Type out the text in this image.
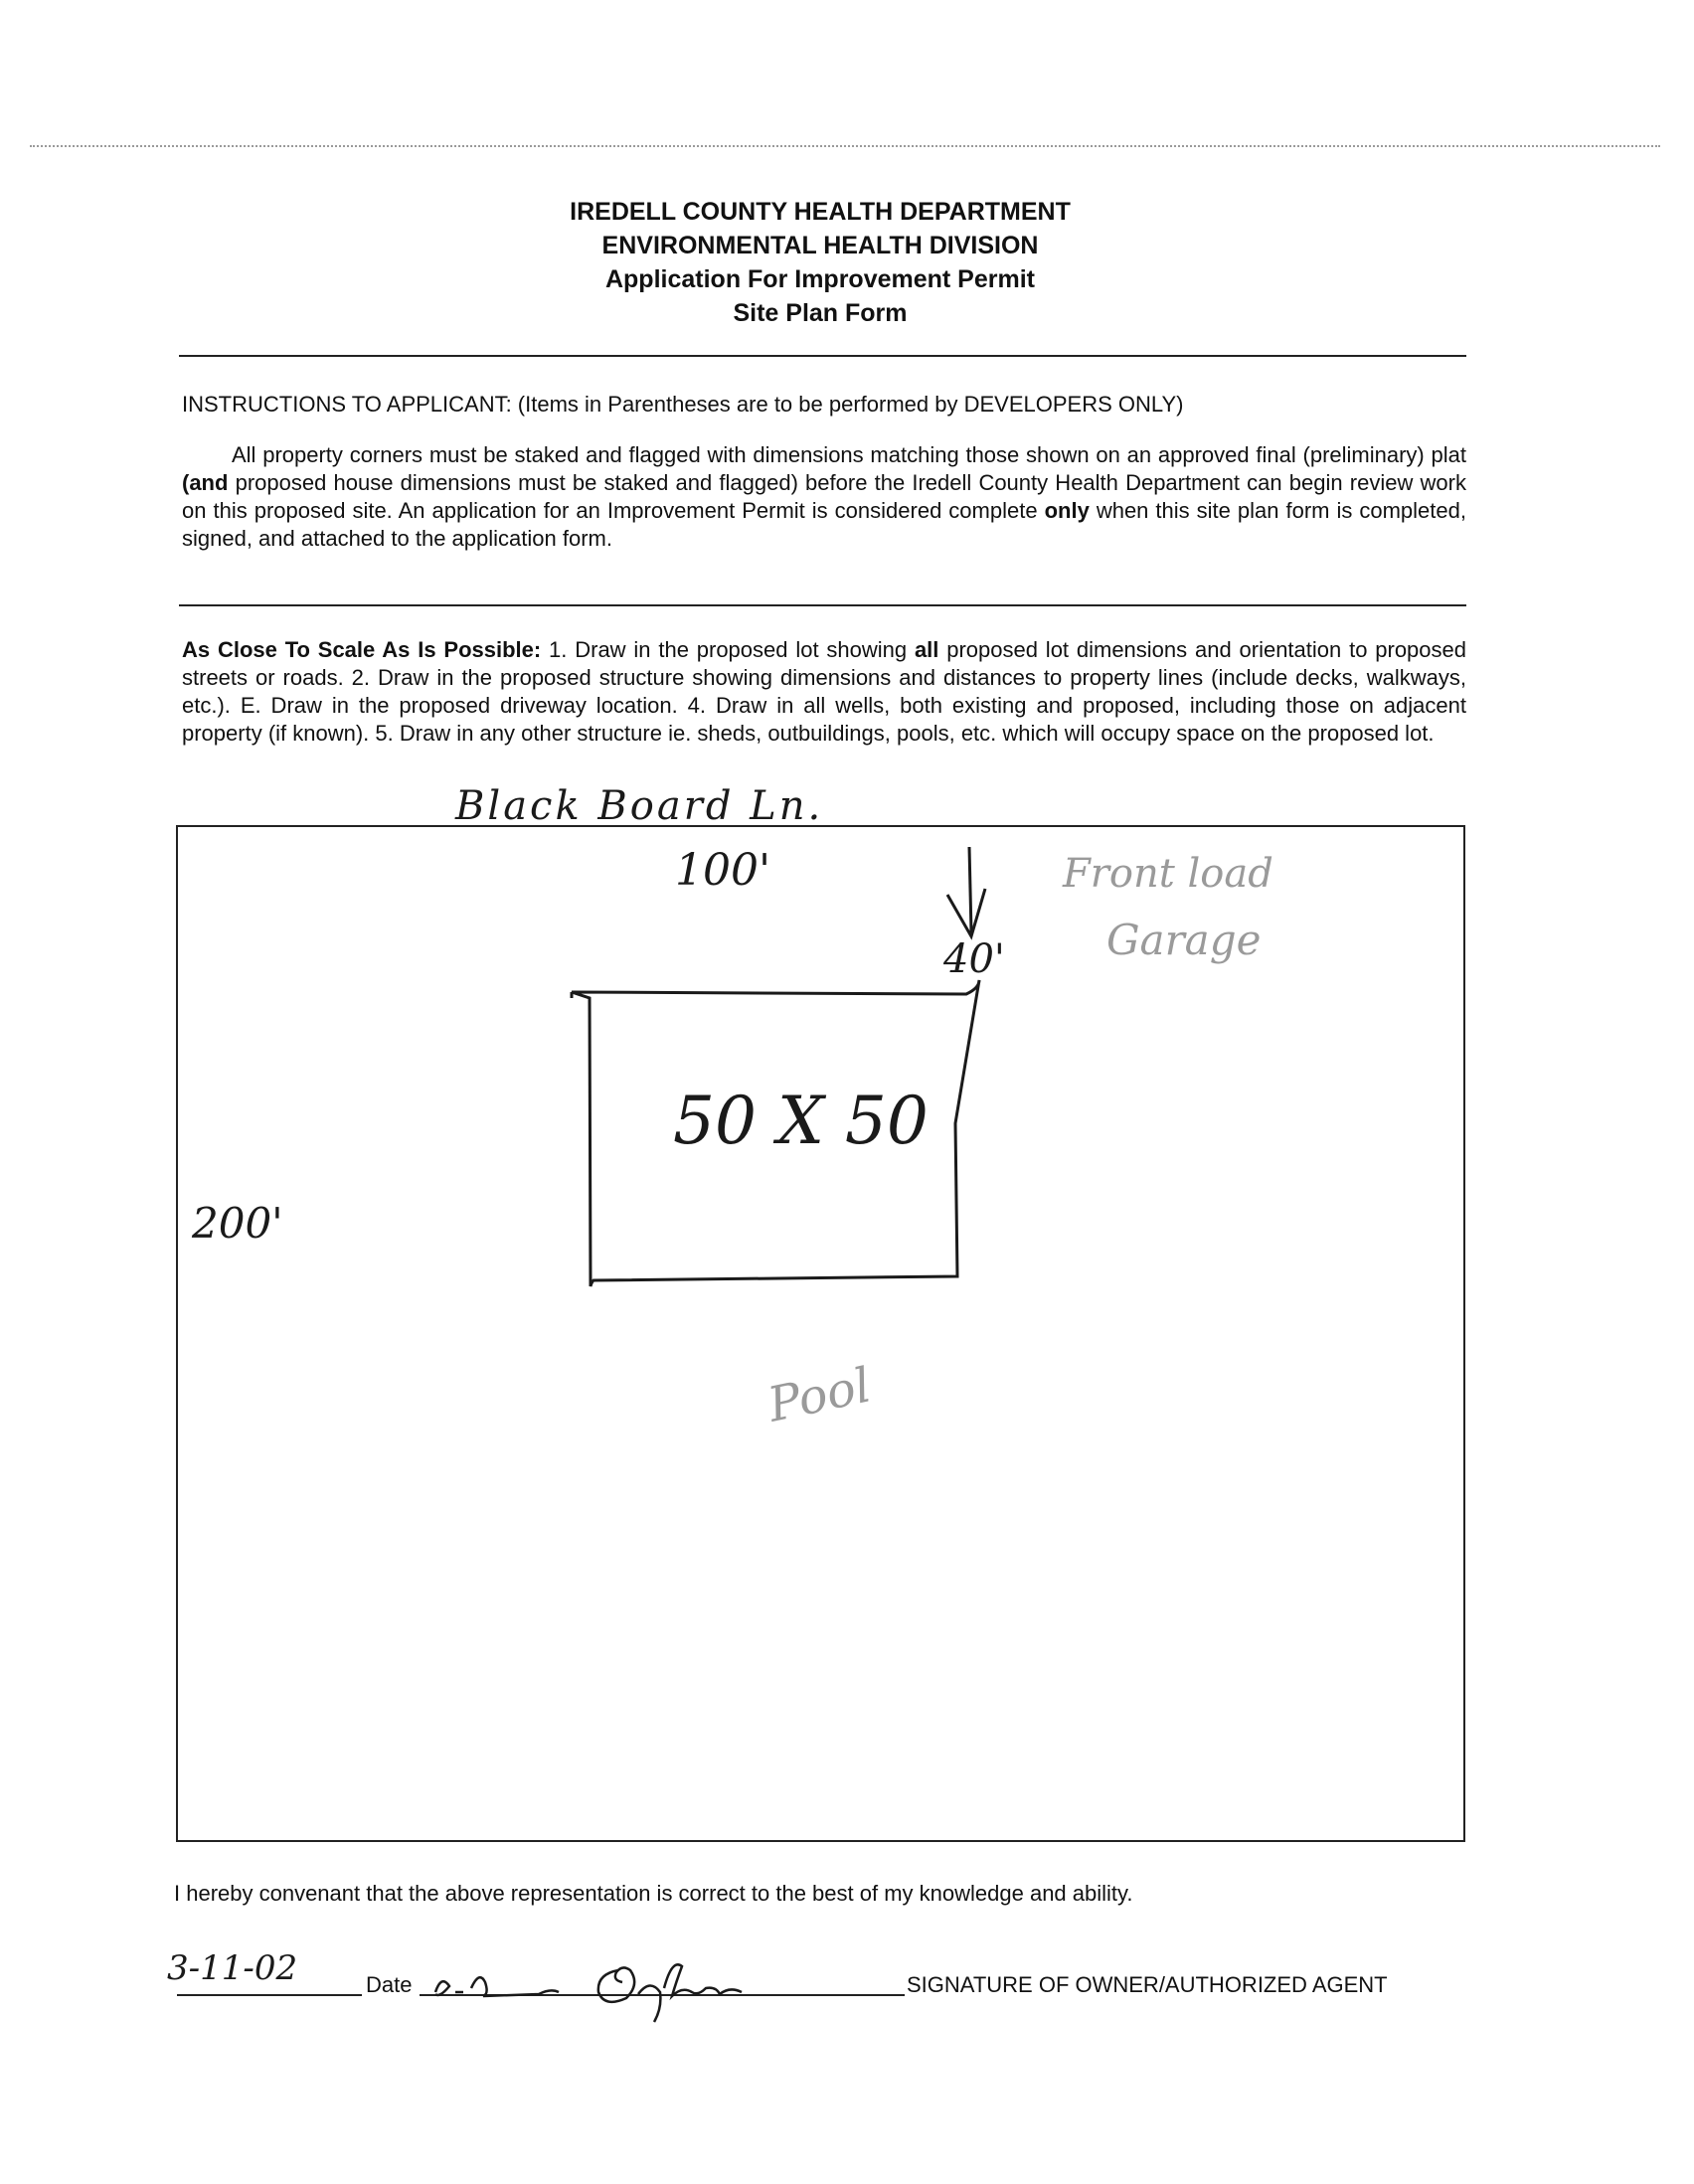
IREDELL COUNTY HEALTH DEPARTMENT
ENVIRONMENTAL HEALTH DIVISION
Application For Improvement Permit
Site Plan Form
INSTRUCTIONS TO APPLICANT: (Items in Parentheses are to be performed by DEVELOPERS ONLY)
All property corners must be staked and flagged with dimensions matching those shown on an approved final (preliminary) plat (and proposed house dimensions must be staked and flagged) before the Iredell County Health Department can begin review work on this proposed site. An application for an Improvement Permit is considered complete only when this site plan form is completed, signed, and attached to the application form.
As Close To Scale As Is Possible: 1. Draw in the proposed lot showing all proposed lot dimensions and orientation to proposed streets or roads. 2. Draw in the proposed structure showing dimensions and distances to property lines (include decks, walkways, etc.). E. Draw in the proposed driveway location. 4. Draw in all wells, both existing and proposed, including those on adjacent property (if known). 5. Draw in any other structure ie. sheds, outbuildings, pools, etc. which will occupy space on the proposed lot.
Black Board Ln.
100'
40'
Front load
Garage
50 X 50
200'
Pool
I hereby convenant that the above representation is correct to the best of my knowledge and ability.
3-11-02	Date	SIGNATURE OF OWNER/AUTHORIZED AGENT
